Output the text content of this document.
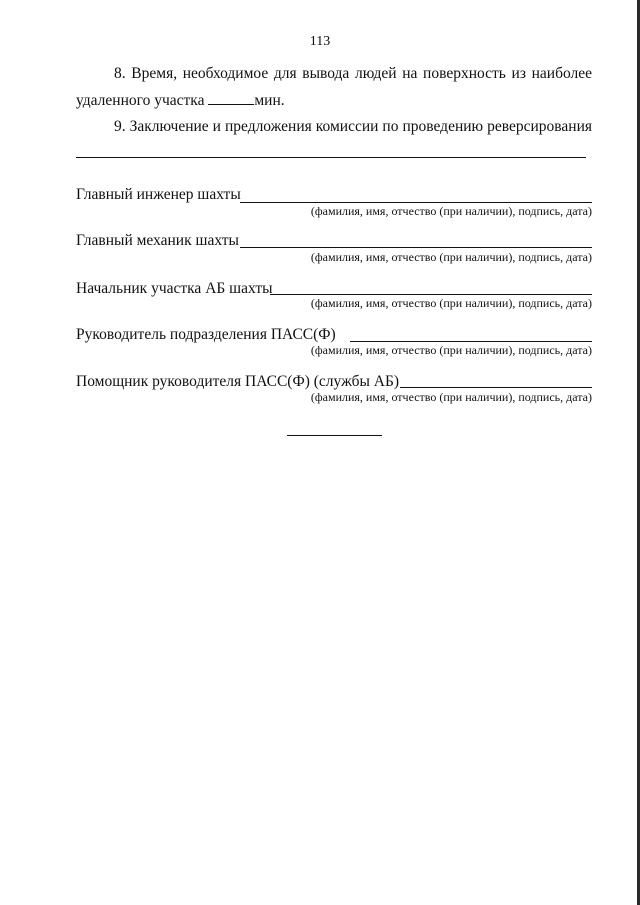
113
8. Время, необходимое для вывода людей на поверхность из наиболее
удаленного участка	мин.
9. Заключение и предложения комиссии по проведению реверсирования
Главный инженер шахты
(фамилия, имя, отчество (при наличии), подпись, дата)
Главный механик шахты
(фамилия, имя, отчество (при наличии), подпись, дата)
Начальник участка АБ шахты
(фамилия, имя, отчество (при наличии), подпись, дата)
Руководитель подразделения ПАСС(Ф)
(фамилия, имя, отчество (при наличии), подпись, дата)
Помощник руководителя ПАСС(Ф) (службы АБ)
(фамилия, имя, отчество (при наличии), подпись, дата)
